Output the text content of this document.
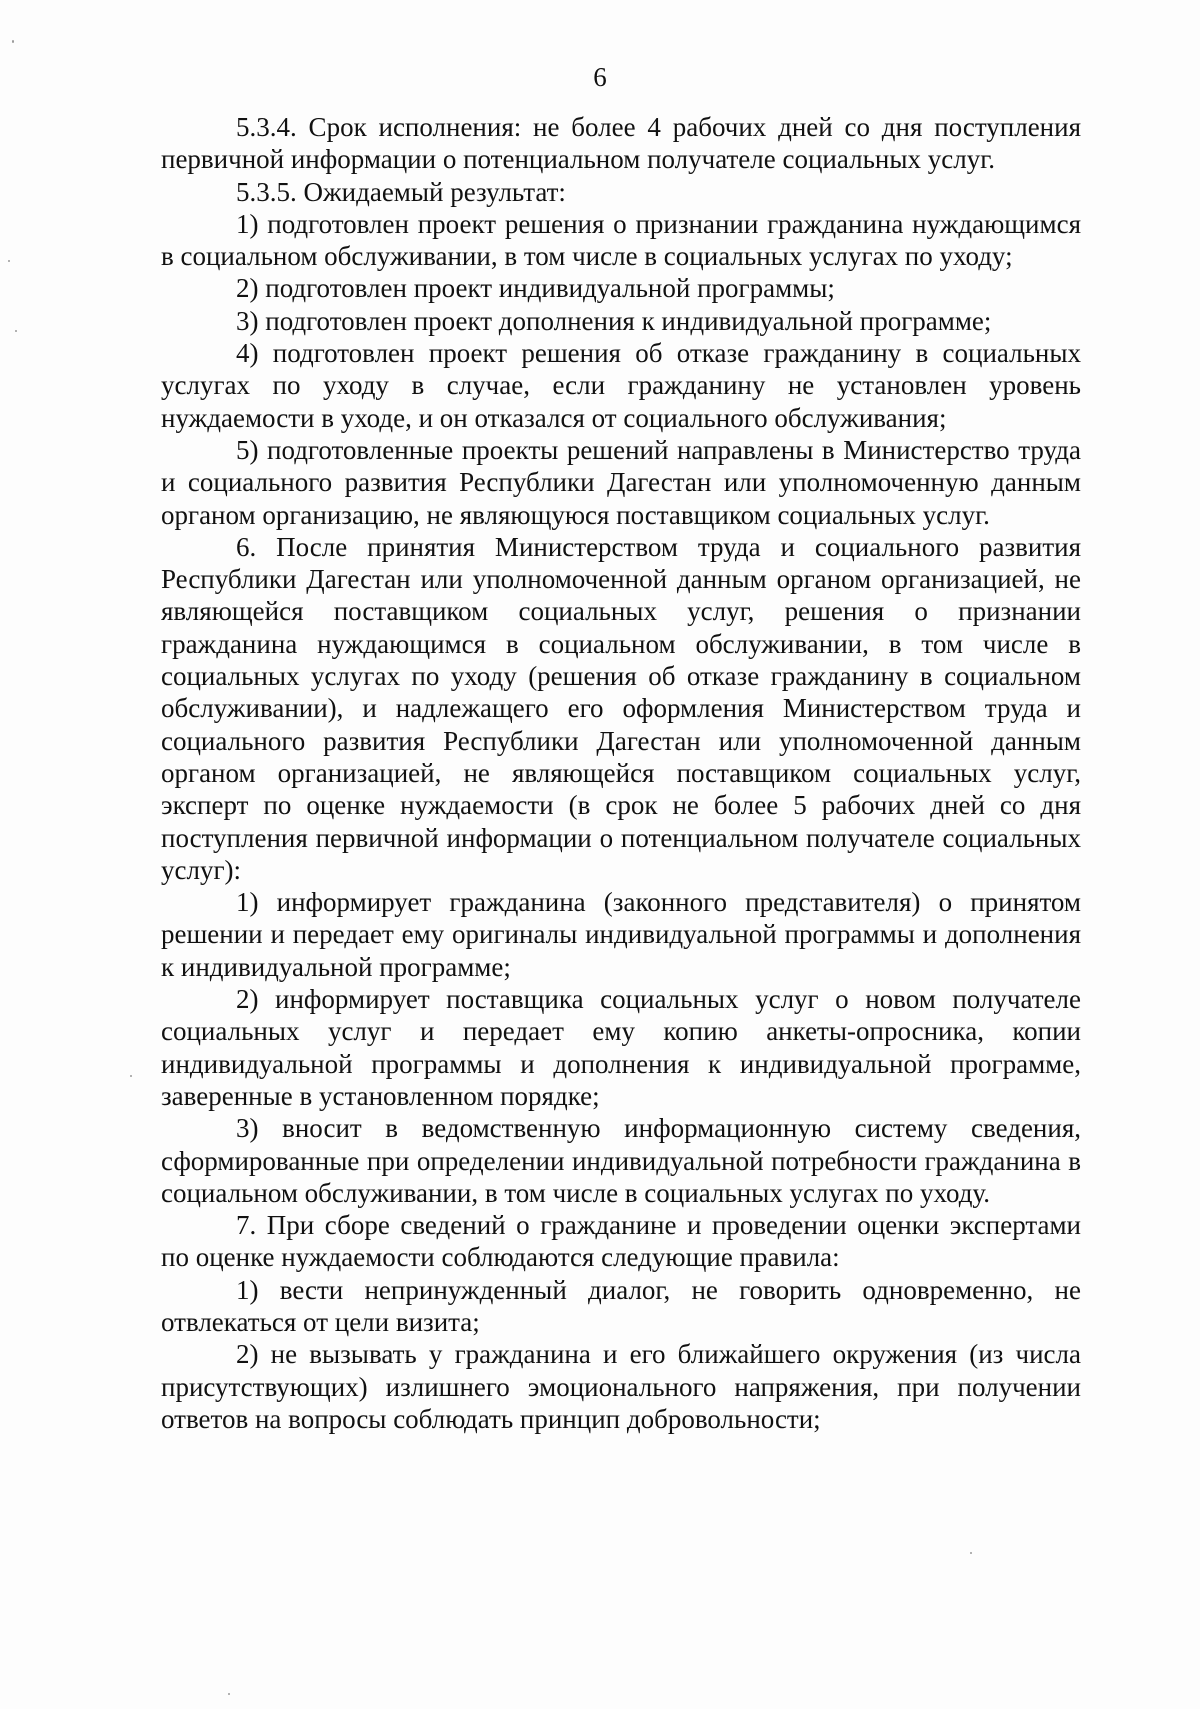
6

5.3.4. Срок исполнения: не более 4 рабочих дней со дня поступления первичной информации о потенциальном получателе социальных услуг.

5.3.5. Ожидаемый результат:

1) подготовлен проект решения о признании гражданина нуждающимся в социальном обслуживании, в том числе в социальных услугах по уходу;

2) подготовлен проект индивидуальной программы;

3) подготовлен проект дополнения к индивидуальной программе;

4) подготовлен проект решения об отказе гражданину в социальных услугах по уходу в случае, если гражданину не установлен уровень нуждаемости в уходе, и он отказался от социального обслуживания;

5) подготовленные проекты решений направлены в Министерство труда и социального развития Республики Дагестан или уполномоченную данным органом организацию, не являющуюся поставщиком социальных услуг.

6. После принятия Министерством труда и социального развития Республики Дагестан или уполномоченной данным органом организацией, не являющейся поставщиком социальных услуг, решения о признании гражданина нуждающимся в социальном обслуживании, в том числе в социальных услугах по уходу (решения об отказе гражданину в социальном обслуживании), и надлежащего его оформления Министерством труда и социального развития Республики Дагестан или уполномоченной данным органом организацией, не являющейся поставщиком социальных услуг, эксперт по оценке нуждаемости (в срок не более 5 рабочих дней со дня поступления первичной информации о потенциальном получателе социальных услуг):

1) информирует гражданина (законного представителя) о принятом решении и передает ему оригиналы индивидуальной программы и дополнения к индивидуальной программе;

2) информирует поставщика социальных услуг о новом получателе социальных услуг и передает ему копию анкеты-опросника, копии индивидуальной программы и дополнения к индивидуальной программе, заверенные в установленном порядке;

3) вносит в ведомственную информационную систему сведения, сформированные при определении индивидуальной потребности гражданина в социальном обслуживании, в том числе в социальных услугах по уходу.

7. При сборе сведений о гражданине и проведении оценки экспертами по оценке нуждаемости соблюдаются следующие правила:

1) вести непринужденный диалог, не говорить одновременно, не отвлекаться от цели визита;

2) не вызывать у гражданина и его ближайшего окружения (из числа присутствующих) излишнего эмоционального напряжения, при получении ответов на вопросы соблюдать принцип добровольности;
